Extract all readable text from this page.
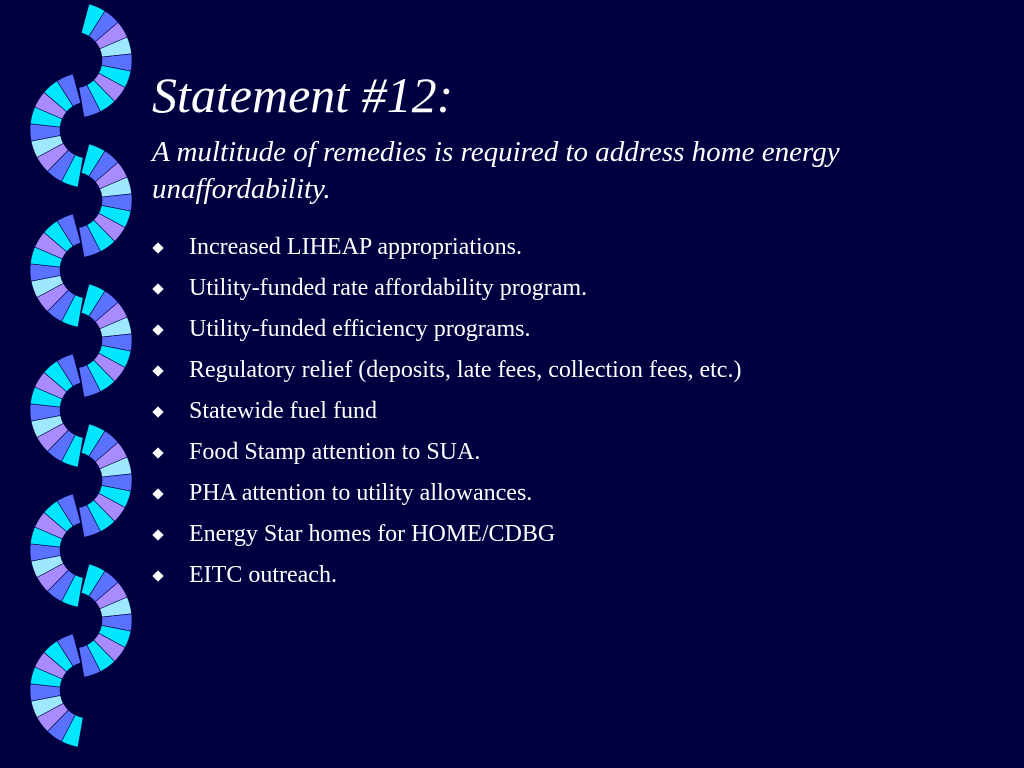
Statement #12:

A multitude of remedies is required to address home energy unaffordability.

Increased LIHEAP appropriations.
Utility-funded rate affordability program.
Utility-funded efficiency programs.
Regulatory relief (deposits, late fees, collection fees, etc.)
Statewide fuel fund
Food Stamp attention to SUA.
PHA attention to utility allowances.
Energy Star homes for HOME/CDBG
EITC outreach.
